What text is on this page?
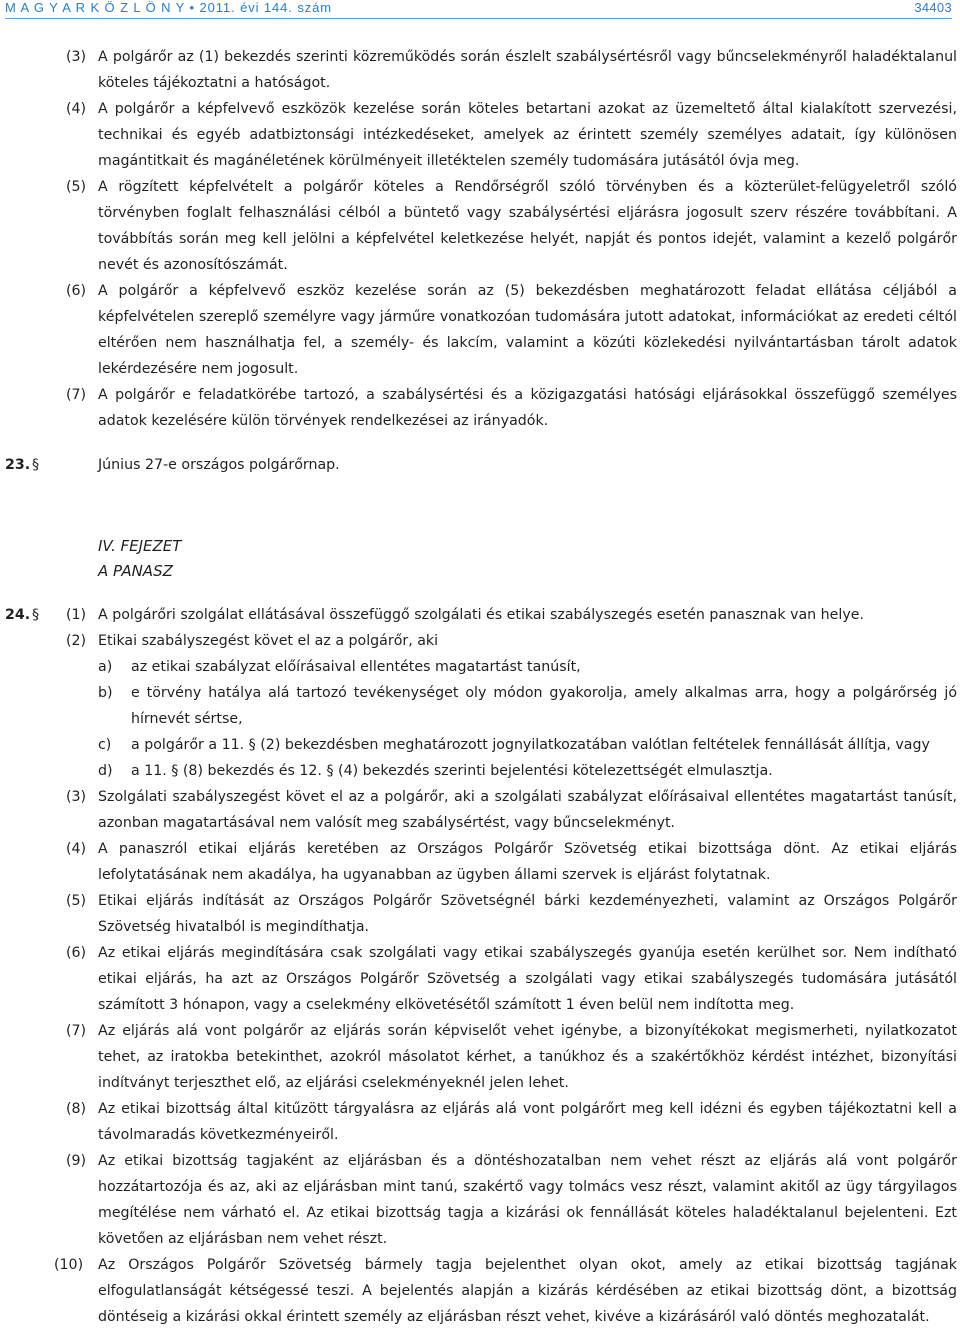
M A G Y A R K Ö Z L Ö N Y • 2011. évi 144. szám	34403
(3) A polgárőr az (1) bekezdés szerinti közreműködés során észlelt szabálysértésről vagy bűncselekményről haladéktalanul köteles tájékoztatni a hatóságot.
(4) A polgárőr a képfelvevő eszközök kezelése során köteles betartani azokat az üzemeltető által kialakított szervezési, technikai és egyéb adatbiztonsági intézkedéseket, amelyek az érintett személy személyes adatait, így különösen magántitkait és magánéletének körülményeit illetéktelen személy tudomására jutásától óvja meg.
(5) A rögzített képfelvételt a polgárőr köteles a Rendőrségről szóló törvényben és a közterület-felügyeletről szóló törvényben foglalt felhasználási célból a büntető vagy szabálysértési eljárásra jogosult szerv részére továbbítani. A továbbítás során meg kell jelölni a képfelvétel keletkezése helyét, napját és pontos idejét, valamint a kezelő polgárőr nevét és azonosítószámát.
(6) A polgárőr a képfelvevő eszköz kezelése során az (5) bekezdésben meghatározott feladat ellátása céljából a képfelvételen szereplő személyre vagy járműre vonatkozóan tudomására jutott adatokat, információkat az eredeti céltól eltérően nem használhatja fel, a személy- és lakcím, valamint a közúti közlekedési nyilvántartásban tárolt adatok lekérdezésére nem jogosult.
(7) A polgárőr e feladatkörébe tartozó, a szabálysértési és a közigazgatási hatósági eljárásokkal összefüggő személyes adatok kezelésére külön törvények rendelkezései az irányadók.
23. §	Június 27-e országos polgárőrnap.
IV. FEJEZET
A PANASZ
24. § (1) A polgárőri szolgálat ellátásával összefüggő szolgálati és etikai szabályszegés esetén panasznak van helye.
(2) Etikai szabályszegést követ el az a polgárőr, aki
a) az etikai szabályzat előírásaival ellentétes magatartást tanúsít,
b) e törvény hatálya alá tartozó tevékenységet oly módon gyakorolja, amely alkalmas arra, hogy a polgárőrség jó hírnevét sértse,
c) a polgárőr a 11. § (2) bekezdésben meghatározott jognyilatkozatában valótlan feltételek fennállását állítja, vagy
d) a 11. § (8) bekezdés és 12. § (4) bekezdés szerinti bejelentési kötelezettségét elmulasztja.
(3) Szolgálati szabályszegést követ el az a polgárőr, aki a szolgálati szabályzat előírásaival ellentétes magatartást tanúsít, azonban magatartásával nem valósít meg szabálysértést, vagy bűncselekményt.
(4) A panaszról etikai eljárás keretében az Országos Polgárőr Szövetség etikai bizottsága dönt. Az etikai eljárás lefolytatásának nem akadálya, ha ugyanabban az ügyben állami szervek is eljárást folytatnak.
(5) Etikai eljárás indítását az Országos Polgárőr Szövetségnél bárki kezdeményezheti, valamint az Országos Polgárőr Szövetség hivatalból is megindíthatja.
(6) Az etikai eljárás megindítására csak szolgálati vagy etikai szabályszegés gyanúja esetén kerülhet sor. Nem indítható etikai eljárás, ha azt az Országos Polgárőr Szövetség a szolgálati vagy etikai szabályszegés tudomására jutásától számított 3 hónapon, vagy a cselekmény elkövetésétől számított 1 éven belül nem indította meg.
(7) Az eljárás alá vont polgárőr az eljárás során képviselőt vehet igénybe, a bizonyítékokat megismerheti, nyilatkozatot tehet, az iratokba betekinthet, azokról másolatot kérhet, a tanúkhoz és a szakértőkhöz kérdést intézhet, bizonyítási indítványt terjeszthet elő, az eljárási cselekményeknél jelen lehet.
(8) Az etikai bizottság által kitűzött tárgyalásra az eljárás alá vont polgárőrt meg kell idézni és egyben tájékoztatni kell a távolmaradás következményeiről.
(9) Az etikai bizottság tagjaként az eljárásban és a döntéshozatalban nem vehet részt az eljárás alá vont polgárőr hozzátartozója és az, aki az eljárásban mint tanú, szakértő vagy tolmács vesz részt, valamint akitől az ügy tárgyilagos megítélése nem várható el. Az etikai bizottság tagja a kizárási ok fennállását köteles haladéktalanul bejelenteni. Ezt követően az eljárásban nem vehet részt.
(10)	Az Országos Polgárőr Szövetség bármely tagja bejelenthet olyan okot, amely az etikai bizottság tagjának elfogulatlanságát kétségessé teszi. A bejelentés alapján a kizárás kérdésében az etikai bizottság dönt, a bizottság döntéseig a kizárási okkal érintett személy az eljárásban részt vehet, kivéve a kizárásáról való döntés meghozatalát.
